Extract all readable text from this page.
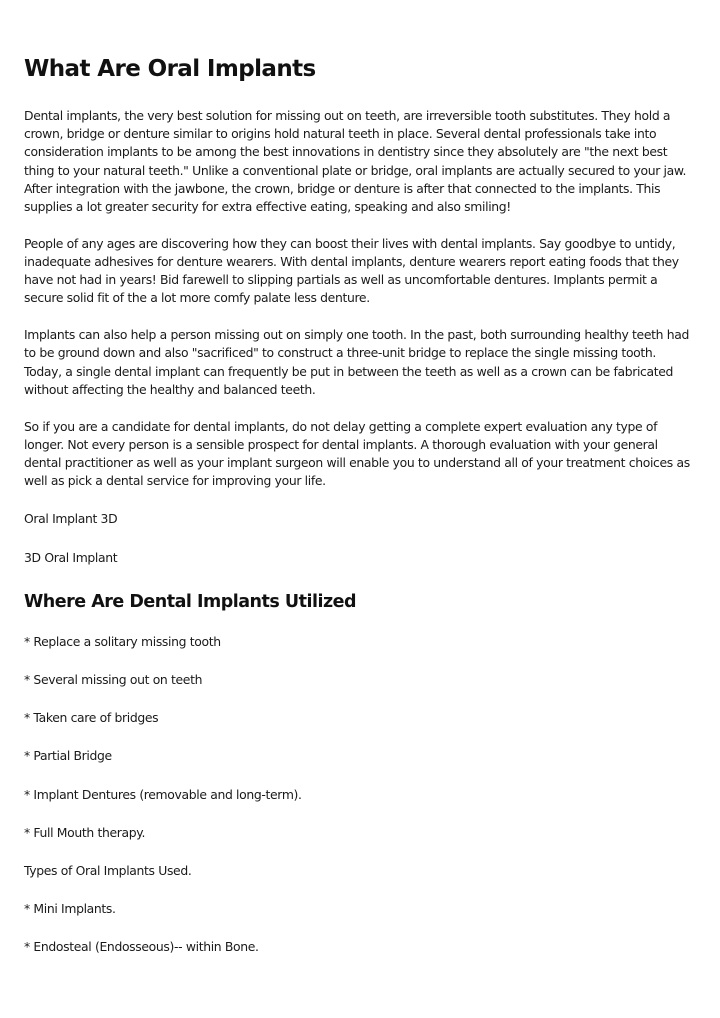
What Are Oral Implants

Dental implants, the very best solution for missing out on teeth, are irreversible tooth substitutes. They hold a crown, bridge or denture similar to origins hold natural teeth in place. Several dental professionals take into consideration implants to be among the best innovations in dentistry since they absolutely are "the next best thing to your natural teeth." Unlike a conventional plate or bridge, oral implants are actually secured to your jaw. After integration with the jawbone, the crown, bridge or denture is after that connected to the implants. This supplies a lot greater security for extra effective eating, speaking and also smiling!

People of any ages are discovering how they can boost their lives with dental implants. Say goodbye to untidy, inadequate adhesives for denture wearers. With dental implants, denture wearers report eating foods that they have not had in years! Bid farewell to slipping partials as well as uncomfortable dentures. Implants permit a secure solid fit of the a lot more comfy palate less denture.

Implants can also help a person missing out on simply one tooth. In the past, both surrounding healthy teeth had to be ground down and also "sacrificed" to construct a three-unit bridge to replace the single missing tooth. Today, a single dental implant can frequently be put in between the teeth as well as a crown can be fabricated without affecting the healthy and balanced teeth.

So if you are a candidate for dental implants, do not delay getting a complete expert evaluation any type of longer. Not every person is a sensible prospect for dental implants. A thorough evaluation with your general dental practitioner as well as your implant surgeon will enable you to understand all of your treatment choices as well as pick a dental service for improving your life.

Oral Implant 3D

3D Oral Implant

Where Are Dental Implants Utilized

* Replace a solitary missing tooth

* Several missing out on teeth

* Taken care of bridges

* Partial Bridge

* Implant Dentures (removable and long-term).

* Full Mouth therapy.

Types of Oral Implants Used.

* Mini Implants.

* Endosteal (Endosseous)-- within Bone.
